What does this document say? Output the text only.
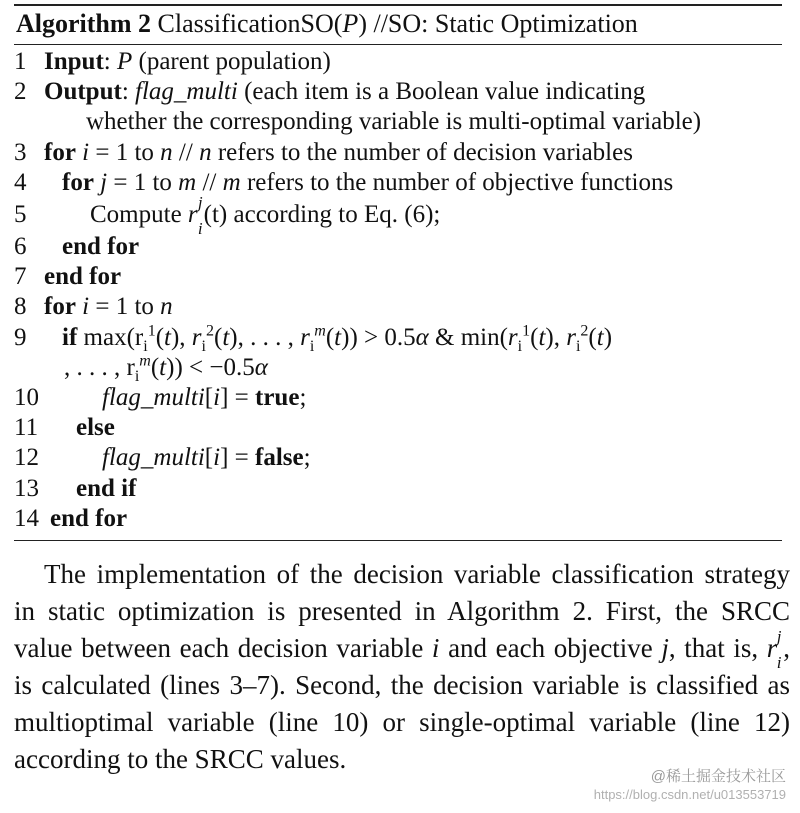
Algorithm 2 ClassificationSO(P) //SO: Static Optimization
1 Input: P (parent population)
2 Output: flag_multi (each item is a Boolean value indicating
whether the corresponding variable is multi-optimal variable)
3 for i = 1 to n // n refers to the number of decision variables
4 for j = 1 to m // m refers to the number of objective functions
5	Compute r j
i
(t) according to Eq. (6);
6 end for
7 end for
8 for i = 1 to n
9 if $\max(r_i^1(t)$, $r_i^2(t)$, . . . , $r_i^m(t)) > 0.5\alpha$ & $\min(r_i^1(t)$, $r_i^2(t)$
, . . . , $r_i^m(t)) < -0.5\alpha$
10	flag_multi[i] = true;
11 else
12	flag_multi[i] = false;
13 end if
14 end for
The implementation of the decision variable classification strategy in static optimization is presented in Algorithm 2. First, the SRCC value between each decision variable i and each objective j, that is, r j
i , is calculated (lines 3–7). Second, the decision variable is classified as multioptimal variable (line 10) or single-optimal variable (line 12) according to the SRCC values.
@稀土掘金技术社区
https://blog.csdn.net/u013553719
